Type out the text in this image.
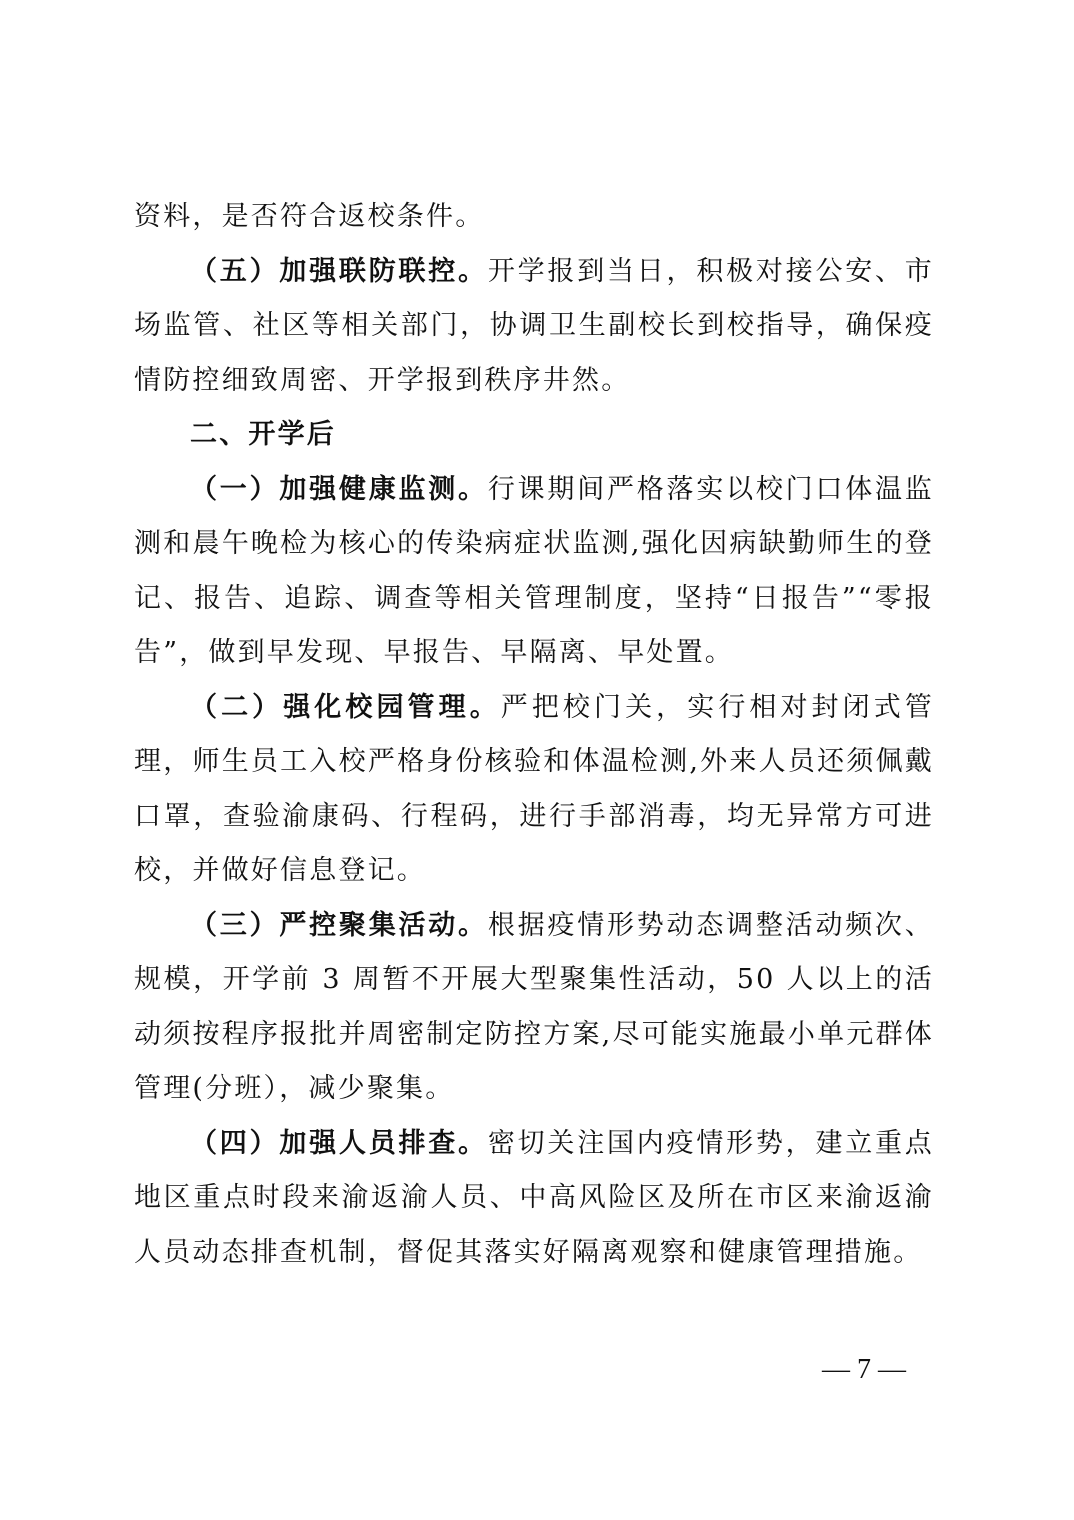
资料，是否符合返校条件。

（五）加强联防联控。开学报到当日，积极对接公安、市场监管、社区等相关部门，协调卫生副校长到校指导，确保疫情防控细致周密、开学报到秩序井然。

二、开学后

（一）加强健康监测。行课期间严格落实以校门口体温监测和晨午晚检为核心的传染病症状监测,强化因病缺勤师生的登记、报告、追踪、调查等相关管理制度，坚持“日报告”“零报告”，做到早发现、早报告、早隔离、早处置。

（二）强化校园管理。严把校门关，实行相对封闭式管理，师生员工入校严格身份核验和体温检测,外来人员还须佩戴口罩，查验渝康码、行程码，进行手部消毒，均无异常方可进校，并做好信息登记。

（三）严控聚集活动。根据疫情形势动态调整活动频次、规模，开学前 3 周暂不开展大型聚集性活动，50 人以上的活动须按程序报批并周密制定防控方案,尽可能实施最小单元群体管理(分班），减少聚集。

（四）加强人员排查。密切关注国内疫情形势，建立重点地区重点时段来渝返渝人员、中高风险区及所在市区来渝返渝人员动态排查机制，督促其落实好隔离观察和健康管理措施。

— 7 —
